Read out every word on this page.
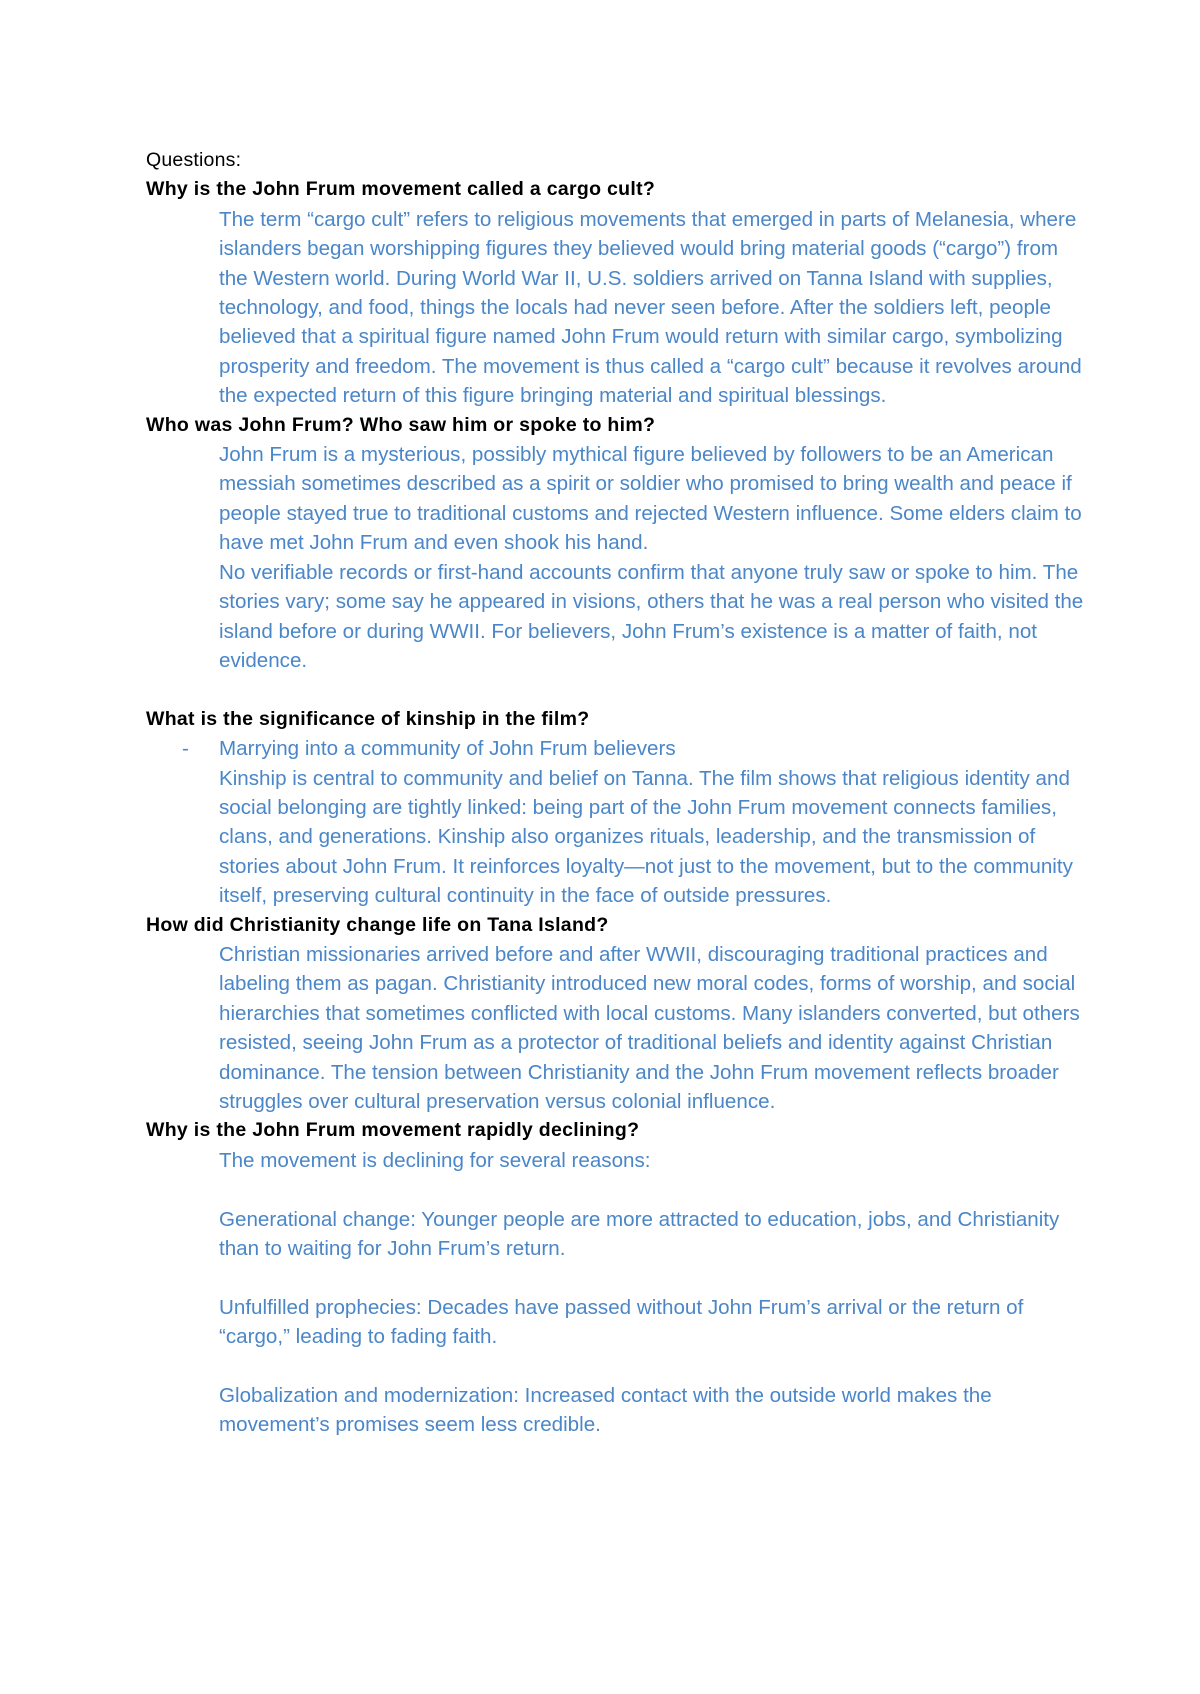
Questions:
Why is the John Frum movement called a cargo cult?

The term “cargo cult” refers to religious movements that emerged in parts of Melanesia, where islanders began worshipping figures they believed would bring material goods (“cargo”) from the Western world. During World War II, U.S. soldiers arrived on Tanna Island with supplies, technology, and food, things the locals had never seen before. After the soldiers left, people believed that a spiritual figure named John Frum would return with similar cargo, symbolizing prosperity and freedom. The movement is thus called a “cargo cult” because it revolves around the expected return of this figure bringing material and spiritual blessings.

Who was John Frum? Who saw him or spoke to him?

John Frum is a mysterious, possibly mythical figure believed by followers to be an American messiah sometimes described as a spirit or soldier who promised to bring wealth and peace if people stayed true to traditional customs and rejected Western influence. Some elders claim to have met John Frum and even shook his hand.

No verifiable records or first-hand accounts confirm that anyone truly saw or spoke to him. The stories vary; some say he appeared in visions, others that he was a real person who visited the island before or during WWII. For believers, John Frum’s existence is a matter of faith, not evidence.

What is the significance of kinship in the film?

- Marrying into a community of John Frum believers

Kinship is central to community and belief on Tanna. The film shows that religious identity and social belonging are tightly linked: being part of the John Frum movement connects families, clans, and generations. Kinship also organizes rituals, leadership, and the transmission of stories about John Frum. It reinforces loyalty—not just to the movement, but to the community itself, preserving cultural continuity in the face of outside pressures.

How did Christianity change life on Tana Island?

Christian missionaries arrived before and after WWII, discouraging traditional practices and labeling them as pagan. Christianity introduced new moral codes, forms of worship, and social hierarchies that sometimes conflicted with local customs. Many islanders converted, but others resisted, seeing John Frum as a protector of traditional beliefs and identity against Christian dominance. The tension between Christianity and the John Frum movement reflects broader struggles over cultural preservation versus colonial influence.

Why is the John Frum movement rapidly declining?

The movement is declining for several reasons:

Generational change: Younger people are more attracted to education, jobs, and Christianity than to waiting for John Frum’s return.

Unfulfilled prophecies: Decades have passed without John Frum’s arrival or the return of “cargo,” leading to fading faith.

Globalization and modernization: Increased contact with the outside world makes the movement’s promises seem less credible.
